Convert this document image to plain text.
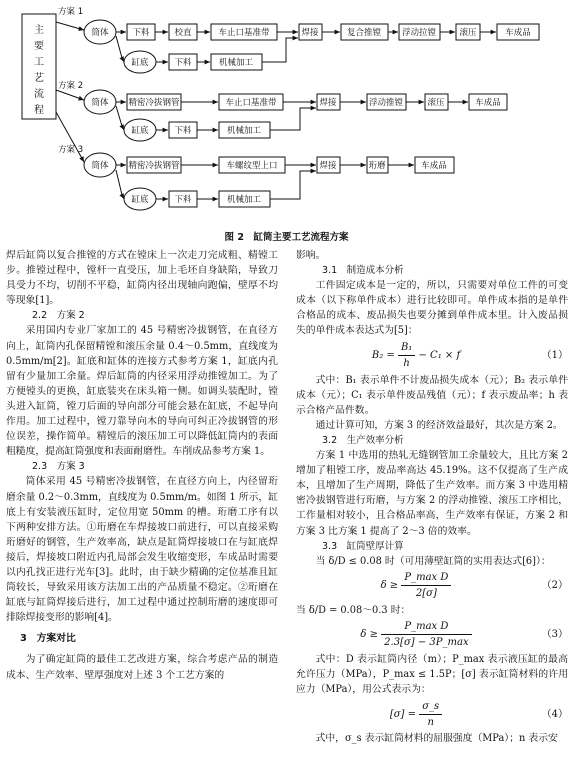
主
要
工
艺
流
程
方案 1
方案 2
方案 3
筒体
缸底
下料	校直	车止口基准带	焊接	复合推镗 浮动拉镗	滚压	车成品
下料	机械加工
筒体
缸底
精密冷拔钢管	车止口基准带	焊接	浮动推镗	滚压	车成品
下料	机械加工
筒体
缸底
精密冷拔钢管	车螺纹型上口	焊接	珩磨	车成品
下料	机械加工
图 2　缸筒主要工艺流程方案

焊后缸筒以复合推镗的方式在镗床上一次走刀完成粗、精镗工步。推镗过程中，镗杆一直受压，加上毛坯自身缺陷，导致刀具受力不均，切削不平稳，缸筒内径出现轴向跑偏，壁厚不均等现象[1]。

2.2　方案 2

采用国内专业厂家加工的 45 号精密冷拔钢管，在直径方向上，缸筒内孔保留精镗和滚压余量 0.4～0.5mm，直线度为 0.5mm/m[2]。缸底和缸体的连接方式参考方案 1，缸底内孔留有少量加工余量。焊后缸筒的内径采用浮动推镗加工。为了方便镗头的更换，缸底装夹在床头箱一侧。如调头装配时，镗头进入缸筒，镗刀后面的导向部分可能会悬在缸底，不起导向作用。加工过程中，镗刀靠导向木的导向可纠正冷拔钢管的形位误差，操作简单。精镗后的滚压加工可以降低缸筒内的表面粗糙度，提高缸筒强度和表面耐磨性。车削成品参考方案 1。

2.3　方案 3

筒体采用 45 号精密冷拔钢管，在直径方向上，内径留珩磨余量 0.2～0.3mm，直线度为 0.5mm/m。如图 1 所示，缸底上有安装液压缸时，定位用宽 50mm 的槽。珩磨工序有以下两种安排方法。①珩磨在车焊接坡口前进行，可以直接采购珩磨好的钢管，生产效率高，缺点是缸筒焊接坡口在与缸底焊接后，焊接坡口附近内孔局部会发生收缩变形，车成品时需要以内孔找正进行光车[3]。此时，由于缺少精确的定位基准且缸筒较长，导致采用该方法加工出的产品质量不稳定。②珩磨在缸底与缸筒焊接后进行，加工过程中通过控制珩磨的速度即可排除焊接变形的影响[4]。

3　方案对比

为了确定缸筒的最佳工艺改进方案，综合考虑产品的制造成本、生产效率、壁厚强度对上述 3 个工艺方案的

影响。

3.1　制造成本分析

工件固定成本是一定的，所以，只需要对单位工件的可变成本（以下称单件成本）进行比较即可。单件成本指的是单件合格品的成本、废品损失也要分摊到单件成本里。计入废品损失的单件成本表达式为[5]：

$B_2 = \frac{\text{B₁}}{h} - C_1 \times f$	（1）

式中：B₁ 表示单件不计废品损失成本（元）；B₂ 表示单件成本（元）；C₁ 表示单件废品残值（元）；f 表示废品率；h 表示合格产品件数。

通过计算可知，方案 3 的经济效益最好，其次是方案 2。

3.2　生产效率分析

方案 1 中选用的热轧无缝钢管加工余量较大，且比方案 2 增加了粗镗工序，废品率高达 45.19%。这不仅提高了生产成本，且增加了生产周期，降低了生产效率。而方案 3 中选用精密冷拔钢管进行珩磨，与方案 2 的浮动推镗、滚压工序相比，工作量相对较小，且合格品率高，生产效率有保证，方案 2 和方案 3 比方案 1 提高了 2～3 倍的效率。

3.3　缸筒壁厚计算

当 δ/D ≤ 0.08 时（可用薄壁缸筒的实用表达式[6]）：

$\delta \ge \frac{\text{P\_max D}}{2[\sigma]}$	（2）

当 δ/D = 0.08～0.3 时：

$\delta \ge \frac{\text{P\_max D}}{2.3[\sigma] - 3P\_\max}$	（3）

式中：D 表示缸筒内径（m）；P_max 表示液压缸的最高允许压力（MPa），P_max ≤ 1.5P；[σ] 表示缸筒材料的许用应力（MPa），用公式表示为：

$[\sigma] = \frac{\sigma\_s}{n}$	（4）

式中，σ_s 表示缸筒材料的屈服强度（MPa）；n 表示安
